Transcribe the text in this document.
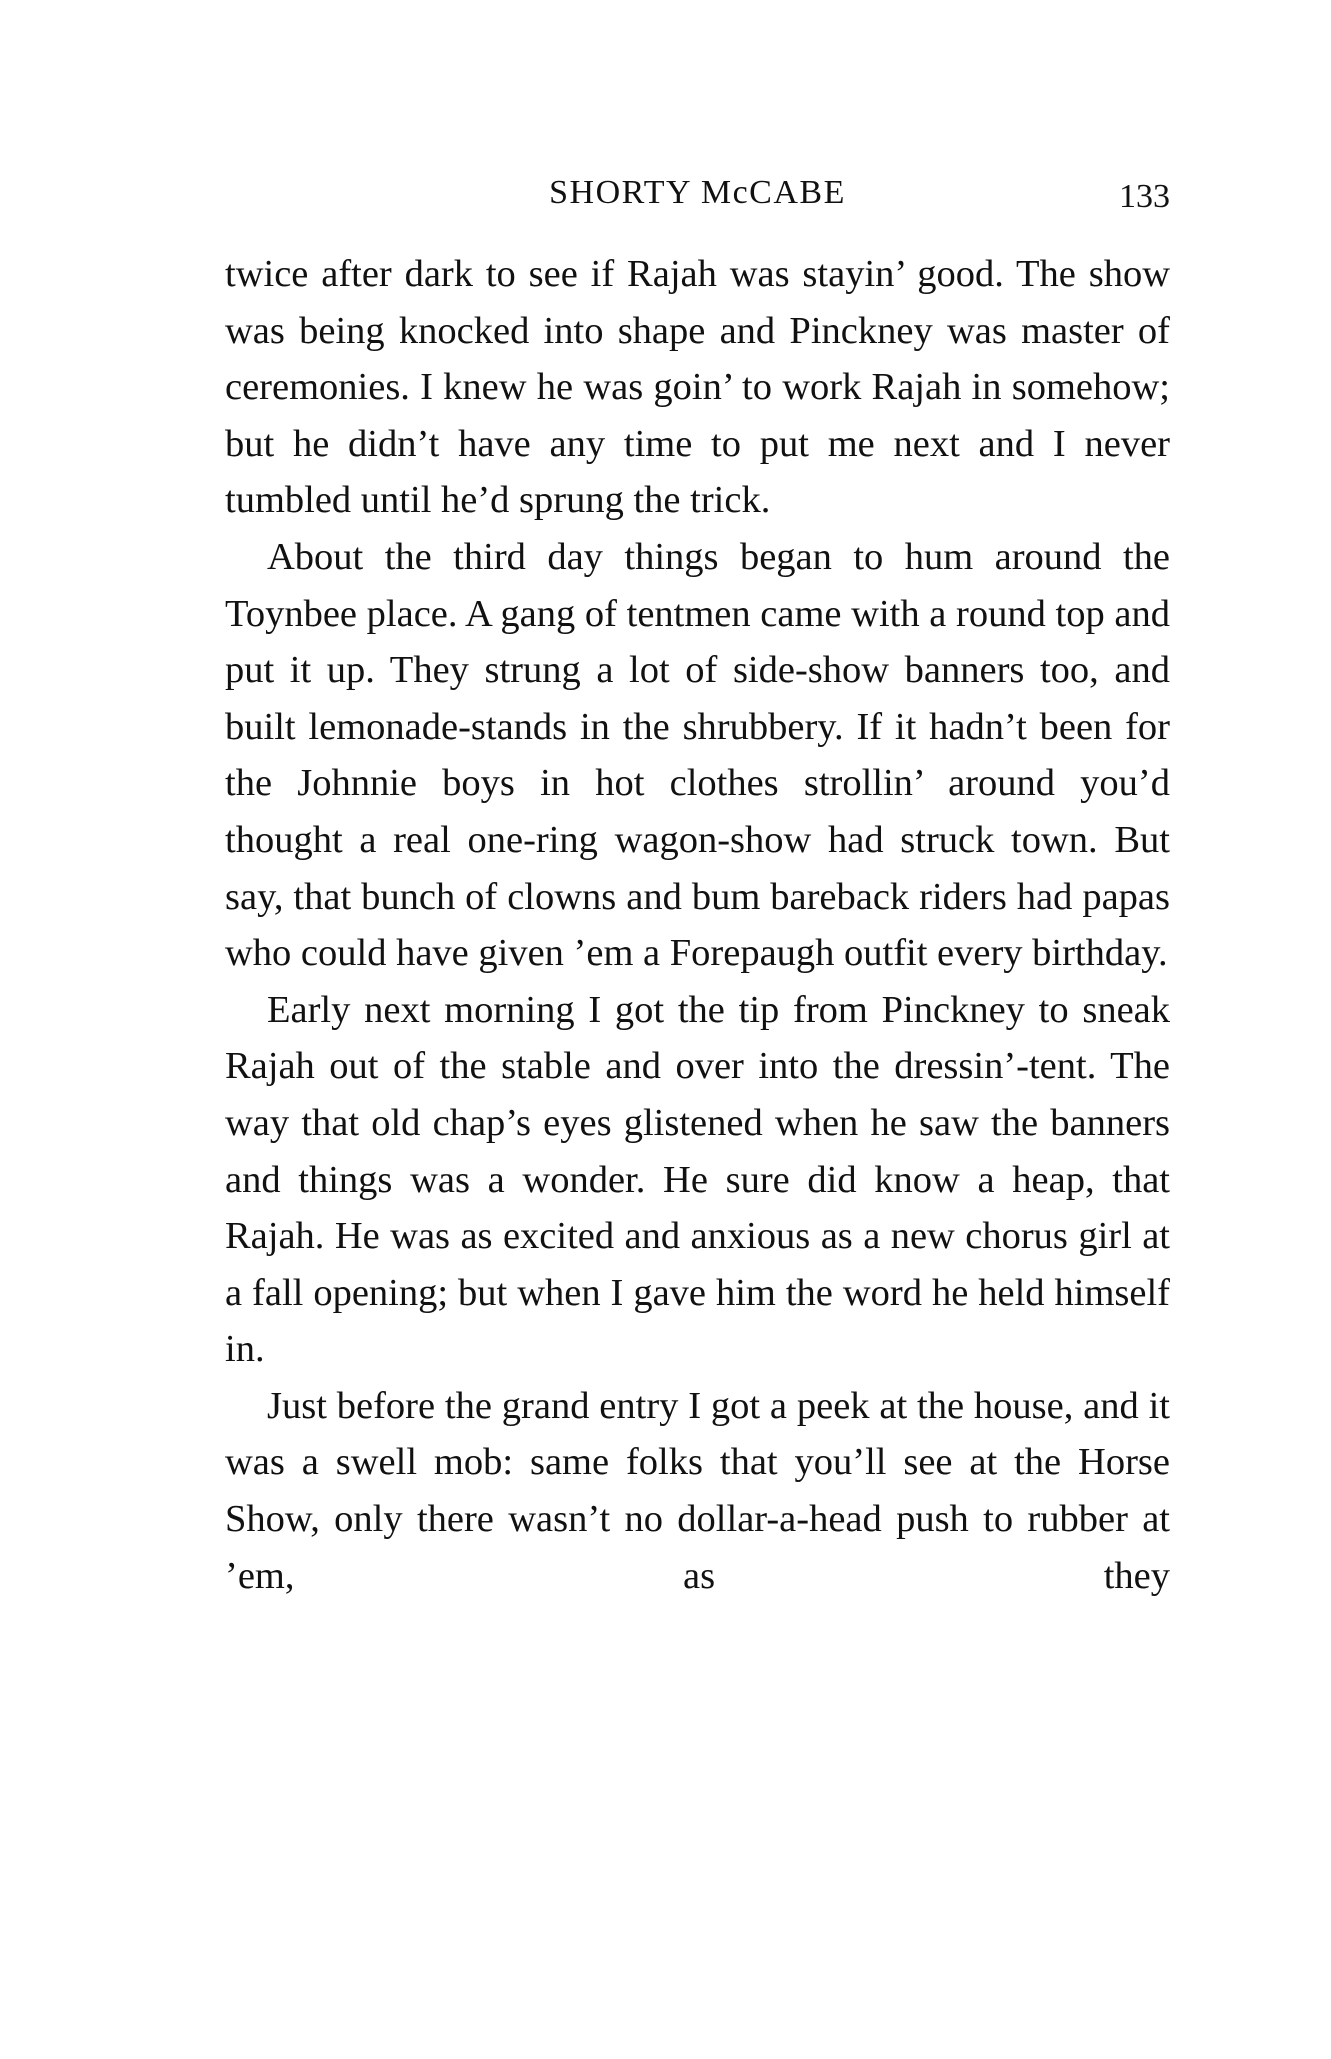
SHORTY McCABE	133

twice after dark to see if Rajah was stayin’ good. The show was being knocked into shape and Pinckney was master of ceremonies. I knew he was goin’ to work Rajah in somehow; but he didn’t have any time to put me next and I never tumbled until he’d sprung the trick.

About the third day things began to hum around the Toynbee place. A gang of tentmen came with a round top and put it up. They strung a lot of side-show banners too, and built lemonade-stands in the shrubbery. If it hadn’t been for the Johnnie boys in hot clothes strollin’ around you’d thought a real one-ring wagon-show had struck town. But say, that bunch of clowns and bum bareback riders had papas who could have given ’em a Forepaugh outfit every birthday.

Early next morning I got the tip from Pinckney to sneak Rajah out of the stable and over into the dressin’-tent. The way that old chap’s eyes glistened when he saw the banners and things was a wonder. He sure did know a heap, that Rajah. He was as excited and anxious as a new chorus girl at a fall opening; but when I gave him the word he held himself in.

Just before the grand entry I got a peek at the house, and it was a swell mob: same folks that you’ll see at the Horse Show, only there wasn’t no dollar-a-head push to rubber at ’em, as they
